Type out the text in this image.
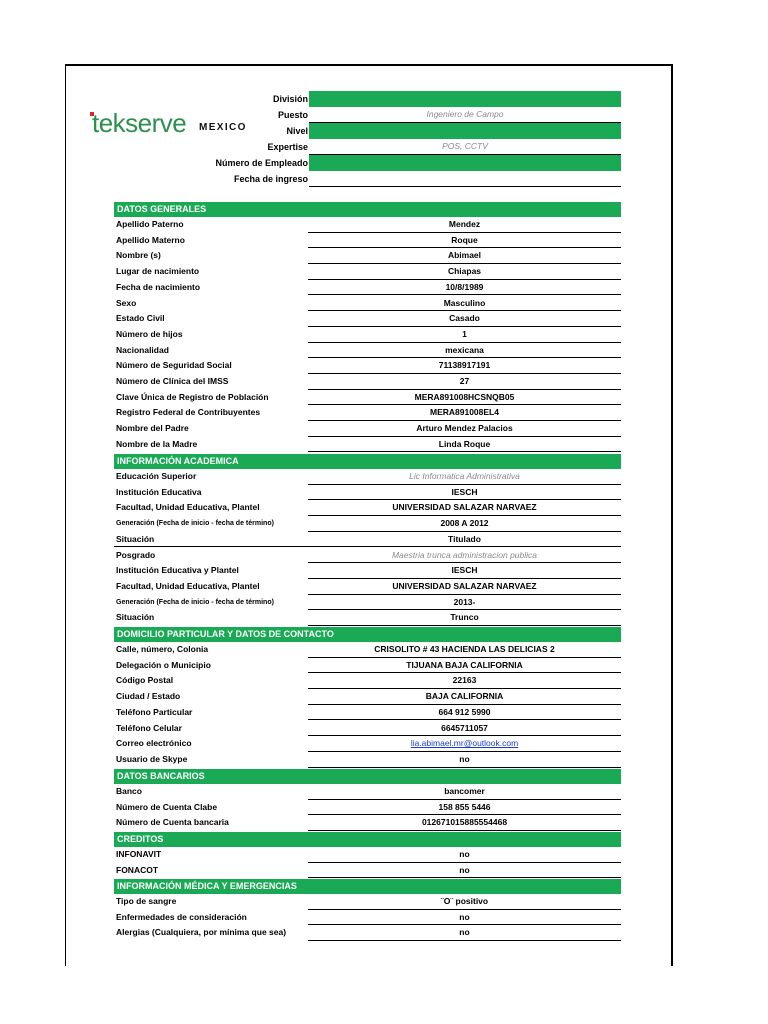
tekserve MEXICO
División
Puesto	Ingeniero de Campo
Nivel
Expertise	POS, CCTV
Número de Empleado
Fecha de ingreso
DATOS GENERALES
Apellido Paterno	Mendez
Apellido Materno	Roque
Nombre (s)	Abimael
Lugar de nacimiento	Chiapas
Fecha de nacimiento	10/8/1989
Sexo	Masculino
Estado Civil	Casado
Número de hijos	1
Nacionalidad	mexicana
Número de Seguridad Social	71138917191
Número de Clínica del IMSS	27
Clave Única de Registro de Población	MERA891008HCSNQB05
Registro Federal de Contribuyentes	MERA891008EL4
Nombre del Padre	Arturo Mendez Palacios
Nombre de la Madre	Linda Roque
INFORMACIÓN ACADEMICA
Educación Superior	Lic Informatica Administrativa
Institución Educativa	IESCH
Facultad, Unidad Educativa, Plantel	UNIVERSIDAD SALAZAR NARVAEZ
Generación (Fecha de inicio - fecha de término)	2008 A 2012
Situación	Titulado
Posgrado	Maestria trunca administracion publica
Institución Educativa y Plantel	IESCH
Facultad, Unidad Educativa, Plantel	UNIVERSIDAD SALAZAR NARVAEZ
Generación (Fecha de inicio - fecha de término)	2013-
Situación	Trunco
DOMICILIO PARTICULAR Y DATOS DE CONTACTO
Calle, número, Colonia	CRISOLITO # 43 HACIENDA LAS DELICIAS 2
Delegación o Municipio	TIJUANA BAJA CALIFORNIA
Código Postal	22163
Ciudad / Estado	BAJA CALIFORNIA
Teléfono Particular	664 912 5990
Teléfono Celular	6645711057
Correo electrónico	lia.abimael.mr@outlook.com
Usuario de Skype	no
DATOS BANCARIOS
Banco	bancomer
Número de Cuenta Clabe	158 855 5446
Número de Cuenta bancaria	012671015885554468
CREDITOS
INFONAVIT	no
FONACOT	no
INFORMACIÓN MÉDICA Y EMERGENCIAS
Tipo de sangre	¨O¨ positivo
Enfermedades de consideración	no
Alergias (Cualquiera, por mínima que sea)	no
